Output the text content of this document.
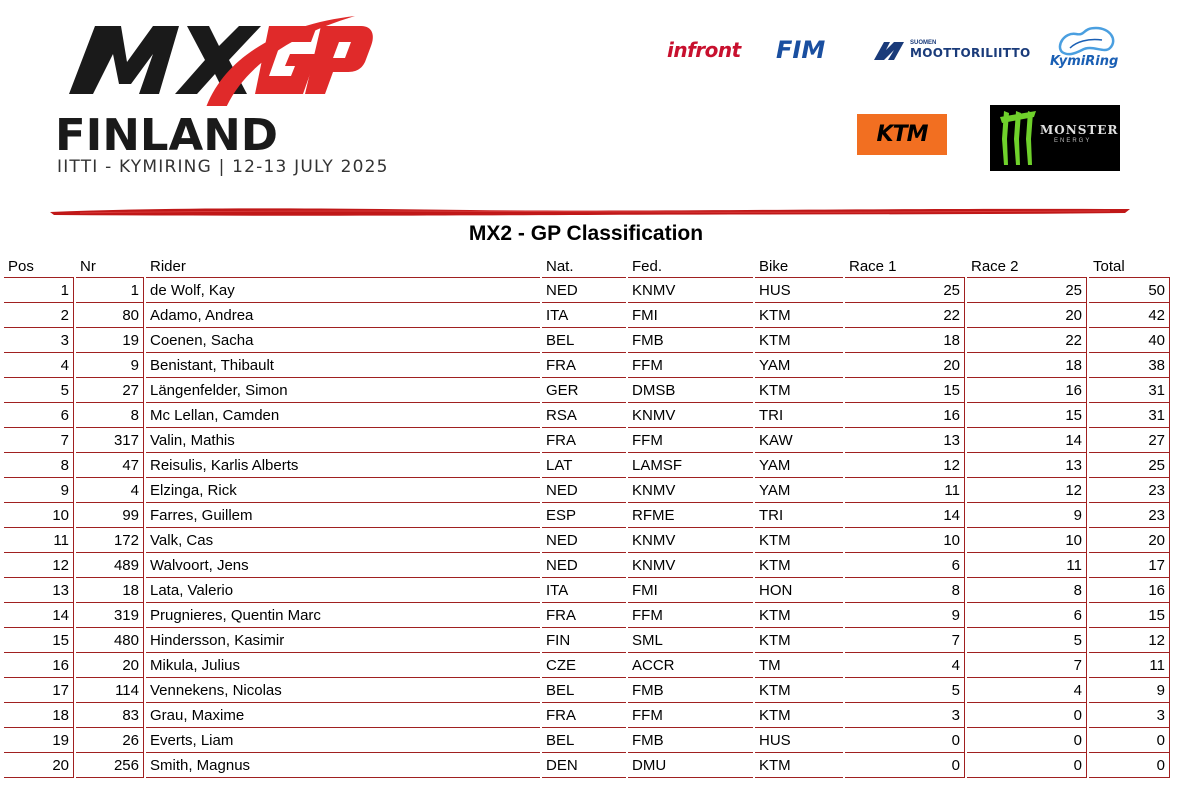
FINLAND
IITTI - KYMIRING | 12-13 JULY 2025
infront FIM	SUOMEN
MOOTTORILIITTO
KymiRing
KTM	MONSTER
ENERGY
MX2 - GP Classification
Pos	Nr	Rider	Nat.	Fed.	Bike	Race 1	Race 2	Total
1	1	de Wolf, Kay	NED	KNMV	HUS	25	25	50
2	80	Adamo, Andrea	ITA	FMI	KTM	22	20	42
3	19	Coenen, Sacha	BEL	FMB	KTM	18	22	40
4	9	Benistant, Thibault	FRA	FFM	YAM	20	18	38
5	27	Längenfelder, Simon	GER	DMSB	KTM	15	16	31
6	8	Mc Lellan, Camden	RSA	KNMV	TRI	16	15	31
7	317	Valin, Mathis	FRA	FFM	KAW	13	14	27
8	47	Reisulis, Karlis Alberts	LAT	LAMSF	YAM	12	13	25
9	4	Elzinga, Rick	NED	KNMV	YAM	11	12	23
10	99	Farres, Guillem	ESP	RFME	TRI	14	9	23
11	172	Valk, Cas	NED	KNMV	KTM	10	10	20
12	489	Walvoort, Jens	NED	KNMV	KTM	6	11	17
13	18	Lata, Valerio	ITA	FMI	HON	8	8	16
14	319	Prugnieres, Quentin Marc	FRA	FFM	KTM	9	6	15
15	480	Hindersson, Kasimir	FIN	SML	KTM	7	5	12
16	20	Mikula, Julius	CZE	ACCR	TM	4	7	11
17	114	Vennekens, Nicolas	BEL	FMB	KTM	5	4	9
18	83	Grau, Maxime	FRA	FFM	KTM	3	0	3
19	26	Everts, Liam	BEL	FMB	HUS	0	0	0
20	256	Smith, Magnus	DEN	DMU	KTM	0	0	0
